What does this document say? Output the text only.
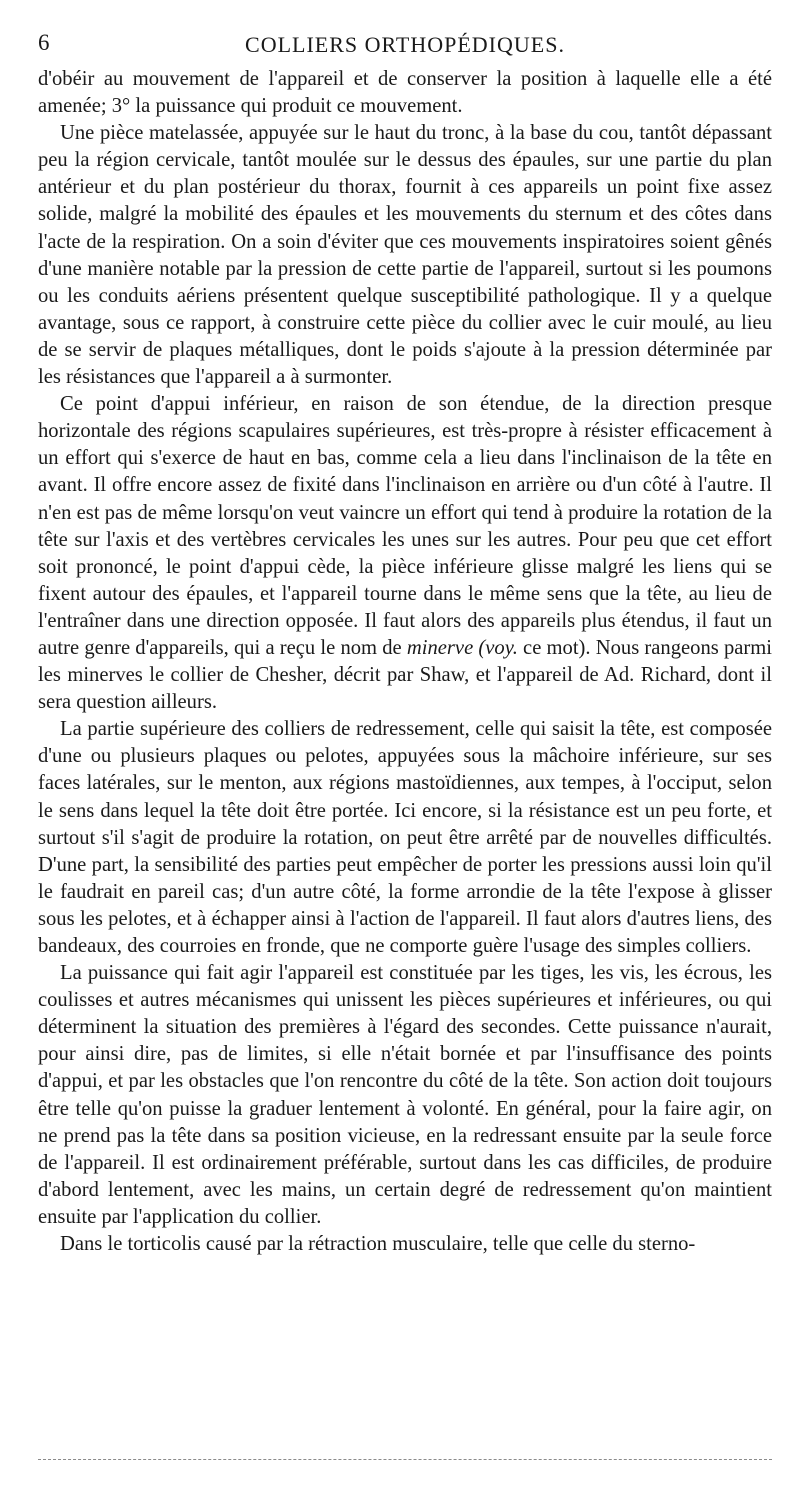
6	COLLIERS ORTHOPÉDIQUES.

d'obéir au mouvement de l'appareil et de conserver la position à laquelle elle a été amenée; 3° la puissance qui produit ce mouvement.

Une pièce matelassée, appuyée sur le haut du tronc, à la base du cou, tantôt dépassant peu la région cervicale, tantôt moulée sur le dessus des épaules, sur une partie du plan antérieur et du plan postérieur du thorax, fournit à ces appareils un point fixe assez solide, malgré la mobilité des épaules et les mouvements du sternum et des côtes dans l'acte de la respiration. On a soin d'éviter que ces mouvements inspiratoires soient gênés d'une manière notable par la pression de cette partie de l'appareil, surtout si les poumons ou les conduits aériens présentent quelque susceptibilité pathologique. Il y a quelque avantage, sous ce rapport, à construire cette pièce du collier avec le cuir moulé, au lieu de se servir de plaques métalliques, dont le poids s'ajoute à la pression déterminée par les résistances que l'appareil a à surmonter.

Ce point d'appui inférieur, en raison de son étendue, de la direction presque horizontale des régions scapulaires supérieures, est très-propre à résister efficacement à un effort qui s'exerce de haut en bas, comme cela a lieu dans l'inclinaison de la tête en avant. Il offre encore assez de fixité dans l'inclinaison en arrière ou d'un côté à l'autre. Il n'en est pas de même lorsqu'on veut vaincre un effort qui tend à produire la rotation de la tête sur l'axis et des vertèbres cervicales les unes sur les autres. Pour peu que cet effort soit prononcé, le point d'appui cède, la pièce inférieure glisse malgré les liens qui se fixent autour des épaules, et l'appareil tourne dans le même sens que la tête, au lieu de l'entraîner dans une direction opposée. Il faut alors des appareils plus étendus, il faut un autre genre d'appareils, qui a reçu le nom de minerve (voy. ce mot). Nous rangeons parmi les minerves le collier de Chesher, décrit par Shaw, et l'appareil de Ad. Richard, dont il sera question ailleurs.

La partie supérieure des colliers de redressement, celle qui saisit la tête, est composée d'une ou plusieurs plaques ou pelotes, appuyées sous la mâchoire inférieure, sur ses faces latérales, sur le menton, aux régions mastoïdiennes, aux tempes, à l'occiput, selon le sens dans lequel la tête doit être portée. Ici encore, si la résistance est un peu forte, et surtout s'il s'agit de produire la rotation, on peut être arrêté par de nouvelles difficultés. D'une part, la sensibilité des parties peut empêcher de porter les pressions aussi loin qu'il le faudrait en pareil cas; d'un autre côté, la forme arrondie de la tête l'expose à glisser sous les pelotes, et à échapper ainsi à l'action de l'appareil. Il faut alors d'autres liens, des bandeaux, des courroies en fronde, que ne comporte guère l'usage des simples colliers.

La puissance qui fait agir l'appareil est constituée par les tiges, les vis, les écrous, les coulisses et autres mécanismes qui unissent les pièces supérieures et inférieures, ou qui déterminent la situation des premières à l'égard des secondes. Cette puissance n'aurait, pour ainsi dire, pas de limites, si elle n'était bornée et par l'insuffisance des points d'appui, et par les obstacles que l'on rencontre du côté de la tête. Son action doit toujours être telle qu'on puisse la graduer lentement à volonté. En général, pour la faire agir, on ne prend pas la tête dans sa position vicieuse, en la redressant ensuite par la seule force de l'appareil. Il est ordinairement préférable, surtout dans les cas difficiles, de produire d'abord lentement, avec les mains, un certain degré de redressement qu'on maintient ensuite par l'application du collier.

Dans le torticolis causé par la rétraction musculaire, telle que celle du sterno-
